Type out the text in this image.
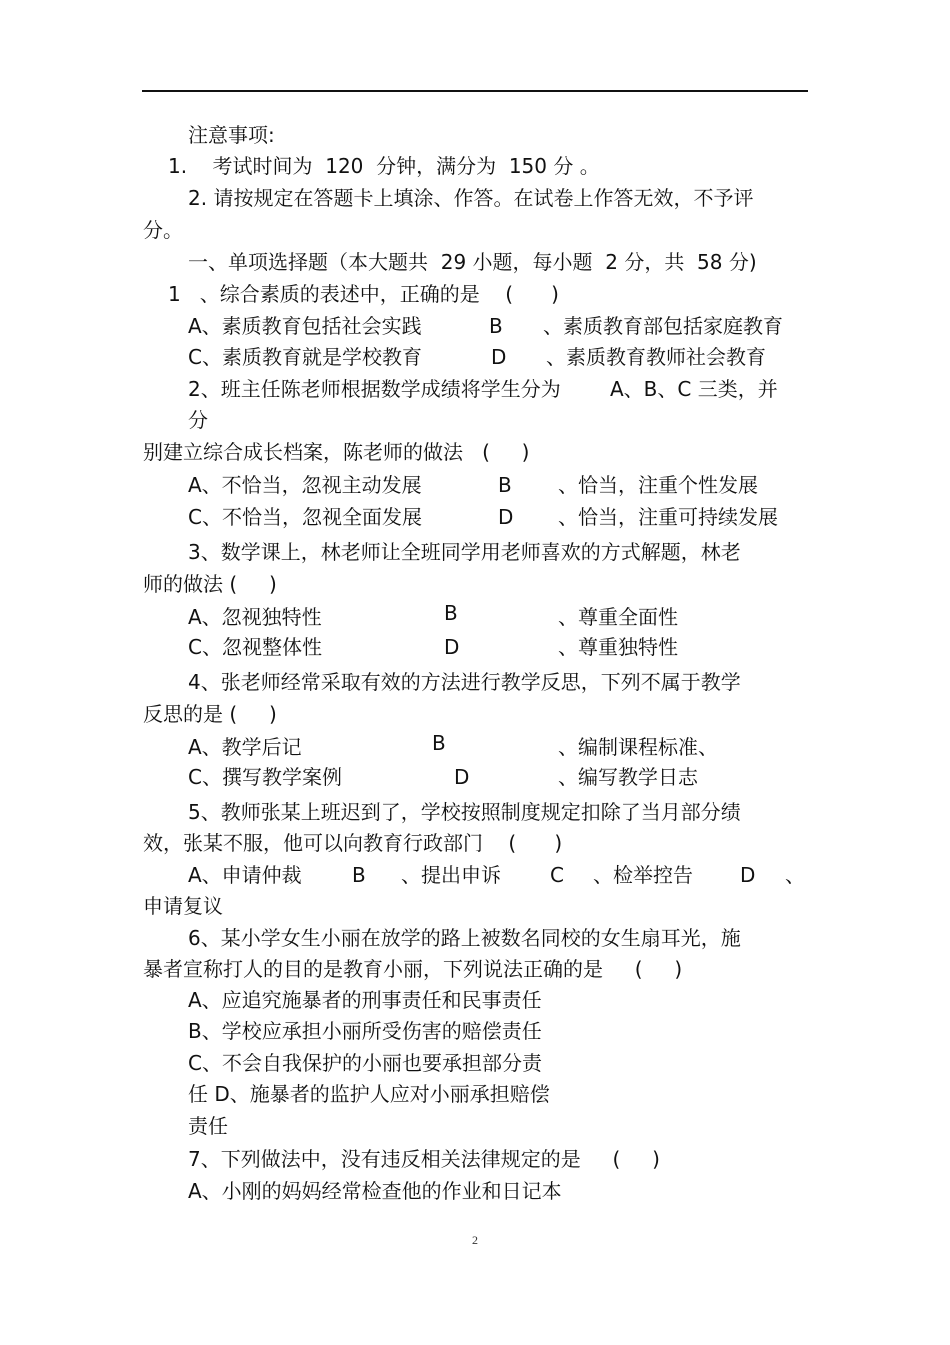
注意事项:
1.    考试时间为  120  分钟，满分为  150 分 。
2. 请按规定在答题卡上填涂、作答。在试卷上作答无效，不予评
分。
一、单项选择题（本大题共  29 小题，每小题  2 分，共  58 分)
1   、综合素质的表述中，正确的是    (      )
A、素质教育包括社会实践	B 、素质教育部包括家庭教育
C、素质教育就是学校教育	D 、素质教育教师社会教育
2、班主任陈老师根据数学成绩将学生分为 A、B、C 三类，并
分
别建立综合成长档案，陈老师的做法   (     )
A、不恰当，忽视主动发展	B 、恰当，注重个性发展
C、不恰当，忽视全面发展	D 、恰当，注重可持续发展
3、数学课上，林老师让全班同学用老师喜欢的方式解题，林老
师的做法 (     )
A、忽视独特性	B	、尊重全面性
C、忽视整体性	D	、尊重独特性
4、张老师经常采取有效的方法进行教学反思，下列不属于教学
反思的是 (     )
A、教学后记	B	、编制课程标准、
C、撰写教学案例	D	、编写教学日志
5、教师张某上班迟到了，学校按照制度规定扣除了当月部分绩
效，张某不服，他可以向教育行政部门    (      )
A、申请仲裁	B 、提出申诉 C 、检举控告 D 、
申请复议
6、某小学女生小丽在放学的路上被数名同校的女生扇耳光，施
暴者宣称打人的目的是教育小丽，下列说法正确的是     (     )
A、应追究施暴者的刑事责任和民事责任
B、学校应承担小丽所受伤害的赔偿责任
C、不会自我保护的小丽也要承担部分责
任 D、施暴者的监护人应对小丽承担赔偿
责任
7、下列做法中，没有违反相关法律规定的是     (     )
A、小刚的妈妈经常检查他的作业和日记本
2
